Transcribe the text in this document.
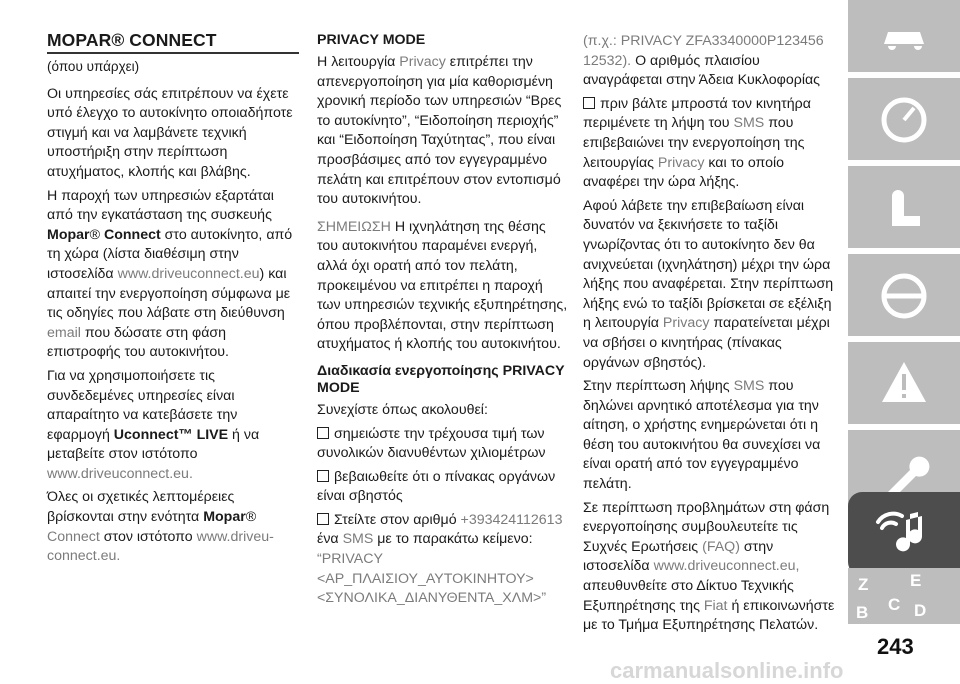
MOPAR® CONNECT
(όπου υπάρχει)

Οι υπηρεσίες σάς επιτρέπουν να έχετε υπό έλεγχο το αυτοκίνητο οποιαδήποτε στιγμή και να λαμβάνετε τεχνική υποστήριξη στην περίπτωση ατυχήματος, κλοπής και βλάβης.

Η παροχή των υπηρεσιών εξαρτάται από την εγκατάσταση της συσκευής Mopar® Connect στο αυτοκίνητο, από τη χώρα (λίστα διαθέσιμη στην ιστοσελίδα www.driveuconnect.eu) και απαιτεί την ενεργοποίηση σύμφωνα με τις οδηγίες που λάβατε στη διεύθυνση email που δώσατε στη φάση επιστροφής του αυτοκινήτου.

Για να χρησιμοποιήσετε τις συνδεδεμένες υπηρεσίες είναι απαραίτητο να κατεβάσετε την εφαρμογή Uconnect™ LIVE ή να μεταβείτε στον ιστότοπο www.driveuconnect.eu.

Όλες οι σχετικές λεπτομέρειες βρίσκονται στην ενότητα Mopar® Connect στον ιστότοπο www.driveu-connect.eu.

PRIVACY MODE

Η λειτουργία Privacy επιτρέπει την απενεργοποίηση για μία καθορισμένη χρονική περίοδο των υπηρεσιών “Βρες το αυτοκίνητο”, “Ειδοποίηση περιοχής” και “Ειδοποίηση Ταχύτητας”, που είναι προσβάσιμες από τον εγγεγραμμένο πελάτη και επιτρέπουν στον εντοπισμό του αυτοκινήτου.

ΣΗΜΕΙΩΣΗ Η ιχνηλάτηση της θέσης του αυτοκινήτου παραμένει ενεργή, αλλά όχι ορατή από τον πελάτη, προκειμένου να επιτρέπει η παροχή των υπηρεσιών τεχνικής εξυπηρέτησης, όπου προβλέπονται, στην περίπτωση ατυχήματος ή κλοπής του αυτοκινήτου.

Διαδικασία ενεργοποίησης PRIVACY MODE

Συνεχίστε όπως ακολουθεί:

σημειώστε την τρέχουσα τιμή των συνολικών διανυθέντων χιλιομέτρων

βεβαιωθείτε ότι ο πίνακας οργάνων είναι σβηστός

Στείλτε στον αριθμό +393424112613 ένα SMS με το παρακάτω κείμενο: “PRIVACY <ΑΡ_ΠΛΑΙΣΙΟΥ_ΑΥΤΟΚΙΝΗΤΟΥ> <ΣΥΝΟΛΙΚΑ_ΔΙΑΝΥΘΕΝΤΑ_ΧΛΜ>”

(π.χ.: PRIVACY ZFA3340000P123456 12532). Ο αριθμός πλαισίου αναγράφεται στην Άδεια Κυκλοφορίας

πριν βάλτε μπροστά τον κινητήρα περιμένετε τη λήψη του SMS που επιβεβαιώνει την ενεργοποίηση της λειτουργίας Privacy και το οποίο αναφέρει την ώρα λήξης.

Αφού λάβετε την επιβεβαίωση είναι δυνατόν να ξεκινήσετε το ταξίδι γνωρίζοντας ότι το αυτοκίνητο δεν θα ανιχνεύεται (ιχνηλάτηση) μέχρι την ώρα λήξης που αναφέρεται. Στην περίπτωση λήξης ενώ το ταξίδι βρίσκεται σε εξέλιξη η λειτουργία Privacy παρατείνεται μέχρι να σβήσει ο κινητήρας (πίνακας οργάνων σβηστός).

Στην περίπτωση λήψης SMS που δηλώνει αρνητικό αποτέλεσμα για την αίτηση, ο χρήστης ενημερώνεται ότι η θέση του αυτοκινήτου θα συνεχίσει να είναι ορατή από τον εγγεγραμμένο πελάτη.

Σε περίπτωση προβλημάτων στη φάση ενεργοποίησης συμβουλευτείτε τις Συχνές Ερωτήσεις (FAQ) στην ιστοσελίδα www.driveuconnect.eu, απευθυνθείτε στο Δίκτυο Τεχνικής Εξυπηρέτησης της Fiat ή επικοινωνήστε με το Τμήμα Εξυπηρέτησης Πελατών.

Z E
B C D
243
carmanualsonline.info
